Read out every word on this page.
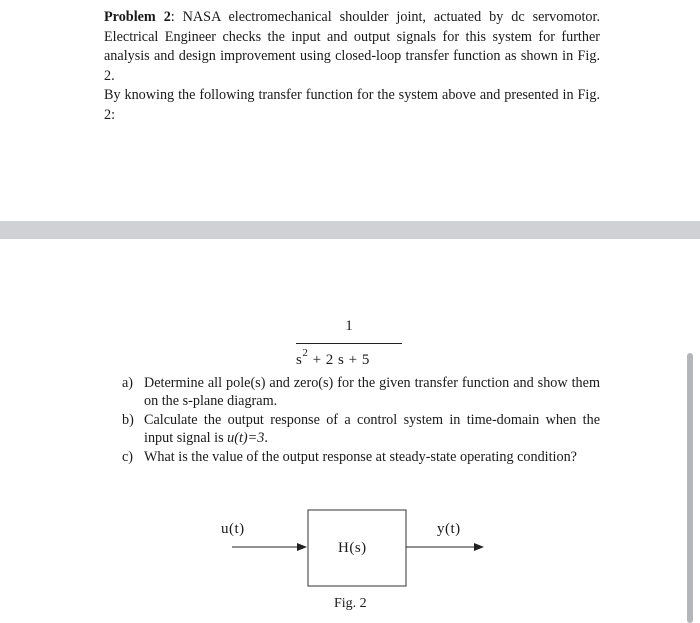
Problem 2: NASA electromechanical shoulder joint, actuated by dc servomotor. Electrical Engineer checks the input and output signals for this system for further analysis and design improvement using closed-loop transfer function as shown in Fig. 2.

By knowing the following transfer function for the system above and presented in Fig. 2:

1
$s^2 + 2$ s + 5
a) Determine all pole(s) and zero(s) for the given transfer function and show them on the s-plane diagram.
b) Calculate the output response of a control system in time-domain when the input signal is u(t)=3.
c) What is the value of the output response at steady-state operating condition?
u(t)
H(s)
y(t)
Fig. 2
